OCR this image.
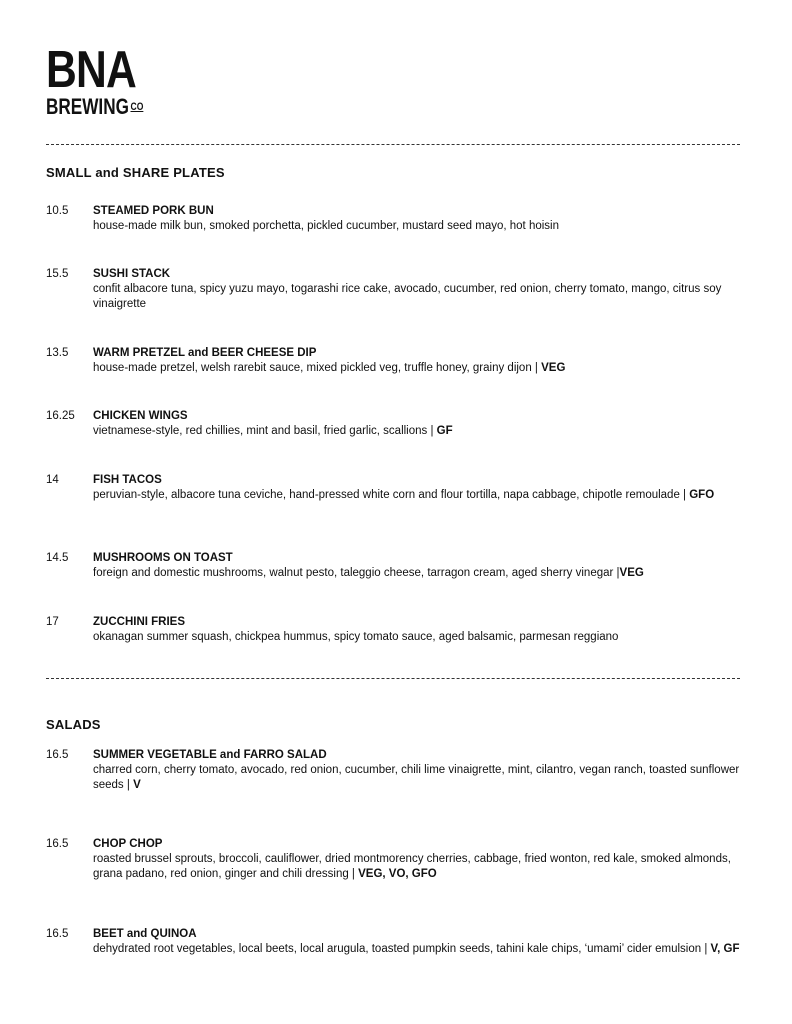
BNA
BREWING $^{CO}$
SMALL and SHARE PLATES
10.5 STEAMED PORK BUN
house-made milk bun, smoked porchetta, pickled cucumber, mustard seed mayo, hot hoisin
15.5 SUSHI STACK
confit albacore tuna, spicy yuzu mayo, togarashi rice cake, avocado, cucumber, red onion, cherry tomato, mango, citrus soy vinaigrette
13.5 WARM PRETZEL and BEER CHEESE DIP
house-made pretzel, welsh rarebit sauce, mixed pickled veg, truffle honey, grainy dijon | VEG
16.25 CHICKEN WINGS
vietnamese-style, red chillies, mint and basil, fried garlic, scallions | GF
14	FISH TACOS
peruvian-style, albacore tuna ceviche, hand-pressed white corn and flour tortilla, napa cabbage, chipotle remoulade | GFO
14.5 MUSHROOMS ON TOAST
foreign and domestic mushrooms, walnut pesto, taleggio cheese, tarragon cream, aged sherry vinegar |VEG
17	ZUCCHINI FRIES
okanagan summer squash, chickpea hummus, spicy tomato sauce, aged balsamic, parmesan reggiano
SALADS
16.5 SUMMER VEGETABLE and FARRO SALAD
charred corn, cherry tomato, avocado, red onion, cucumber, chili lime vinaigrette, mint, cilantro, vegan ranch, toasted sunflower seeds | V
16.5 CHOP CHOP
roasted brussel sprouts, broccoli, cauliflower, dried montmorency cherries, cabbage, fried wonton, red kale, smoked almonds, grana padano, red onion, ginger and chili dressing | VEG, VO, GFO
16.5 BEET and QUINOA
dehydrated root vegetables, local beets, local arugula, toasted pumpkin seeds, tahini kale chips, ‘umami’ cider emulsion | V, GF
